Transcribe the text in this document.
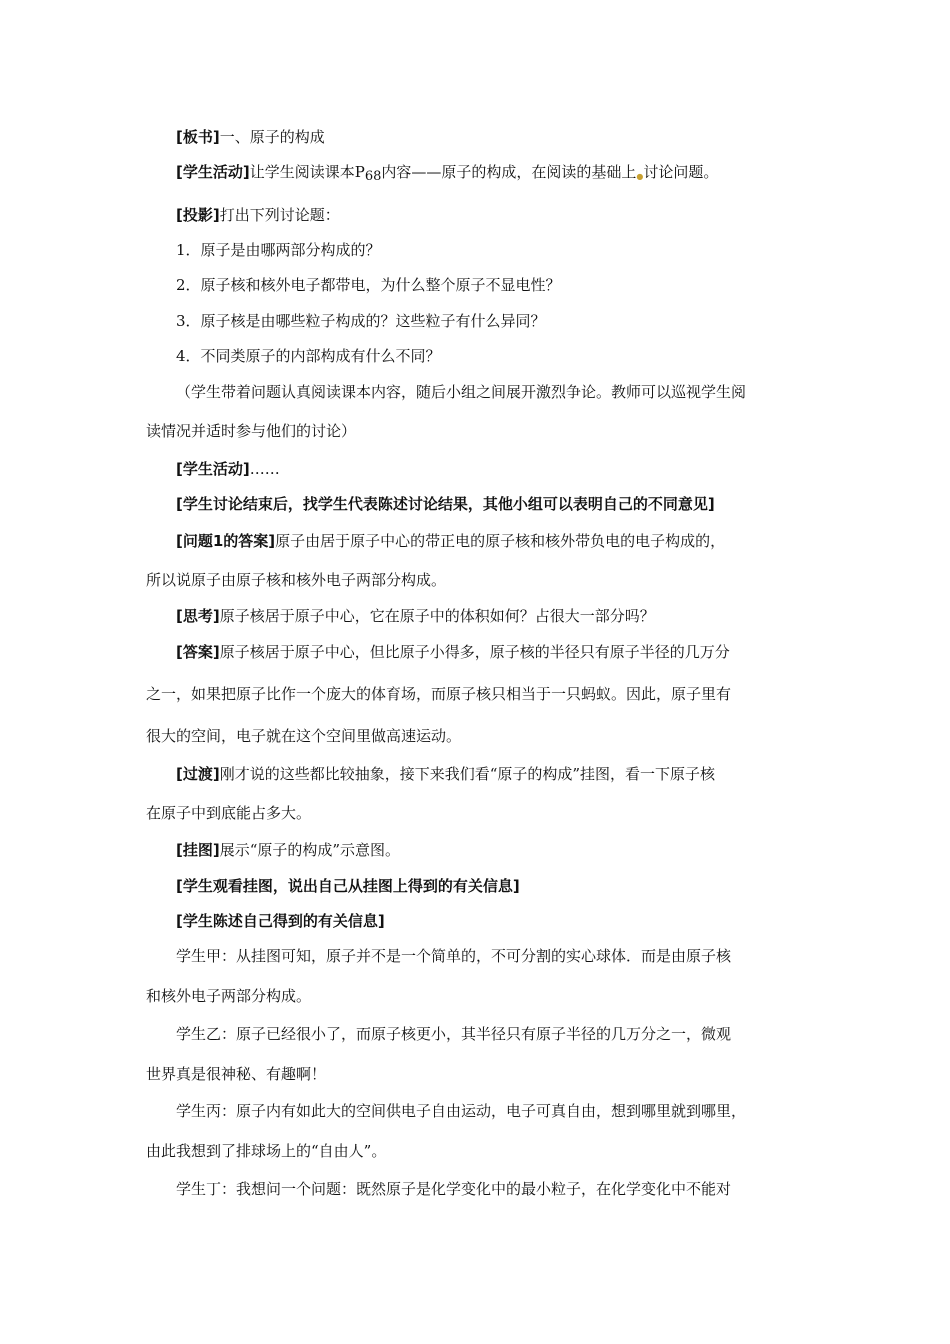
[板书]一、原子的构成
[学生活动]让学生阅读课本P68内容——原子的构成，在阅读的基础上●讨论问题。
[投影]打出下列讨论题：
1．原子是由哪两部分构成的？
2．原子核和核外电子都带电，为什么整个原子不显电性？
3．原子核是由哪些粒子构成的？这些粒子有什么异同？
4．不同类原子的内部构成有什么不同？
（学生带着问题认真阅读课本内容，随后小组之间展开激烈争论。教师可以巡视学生阅
读情况并适时参与他们的讨论）
[学生活动]……
[学生讨论结束后，找学生代表陈述讨论结果，其他小组可以表明自己的不同意见]
[问题1的答案]原子由居于原子中心的带正电的原子核和核外带负电的电子构成的，
所以说原子由原子核和核外电子两部分构成。
[思考]原子核居于原子中心，它在原子中的体积如何？占很大一部分吗？
[答案]原子核居于原子中心，但比原子小得多，原子核的半径只有原子半径的几万分
之一，如果把原子比作一个庞大的体育场，而原子核只相当于一只蚂蚁。因此，原子里有
很大的空间，电子就在这个空间里做高速运动。
[过渡]刚才说的这些都比较抽象，接下来我们看“原子的构成”挂图，看一下原子核
在原子中到底能占多大。
[挂图]展示“原子的构成”示意图。
[学生观看挂图，说出自己从挂图上得到的有关信息]
[学生陈述自己得到的有关信息]
学生甲：从挂图可知，原子并不是一个简单的，不可分割的实心球体．而是由原子核
和核外电子两部分构成。
学生乙：原子已经很小了，而原子核更小，其半径只有原子半径的几万分之一，微观
世界真是很神秘、有趣啊！
学生丙：原子内有如此大的空间供电子自由运动，电子可真自由，想到哪里就到哪里，
由此我想到了排球场上的“自由人”。
学生丁：我想问一个问题：既然原子是化学变化中的最小粒子，在化学变化中不能对
